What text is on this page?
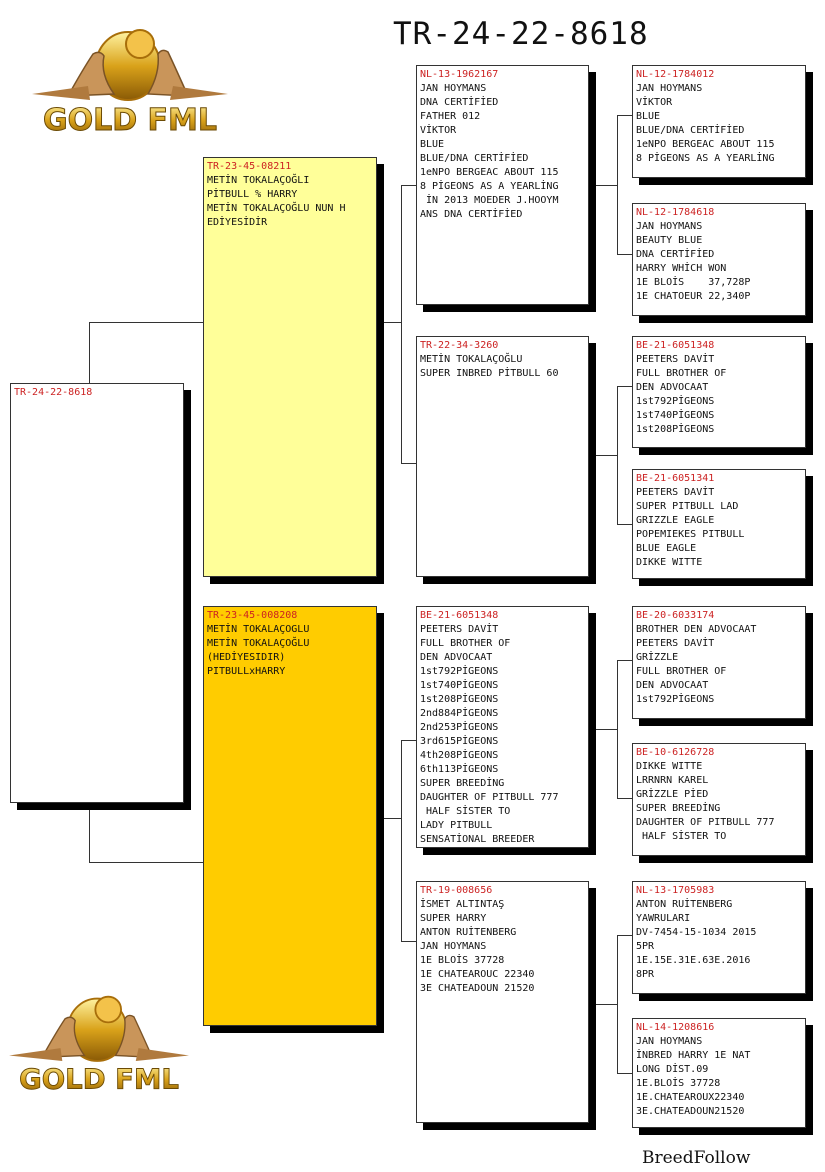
TR-24-22-8618
GOLD FML
GOLD FML
TR-24-22-8618
TR-23-45-08211
METİN TOKALAÇOĞLI
PİTBULL % HARRY
METİN TOKALAÇOĞLU NUN H
EDİYESİDİR
TR-23-45-008208
METİN TOKALAÇOGLU
METİN TOKALAÇOĞLU
(HEDİYESIDIR)
PITBULLxHARRY
NL-13-1962167
JAN HOYMANS
DNA CERTİFİED
FATHER 012
VİKTOR
BLUE
BLUE/DNA CERTİFİED
1eNPO BERGEAC ABOUT 115
8 PİGEONS AS A YEARLİNG
İN 2013 MOEDER J.HOOYM
ANS DNA CERTİFİED
TR-22-34-3260
METİN TOKALAÇOĞLU
SUPER INBRED PİTBULL 60
BE-21-6051348
PEETERS DAVİT
FULL BROTHER OF
DEN ADVOCAAT
1st792PİGEONS
1st740PİGEONS
1st208PİGEONS
2nd884PİGEONS
2nd253PİGEONS
3rd615PİGEONS
4th208PİGEONS
6th113PİGEONS
SUPER BREEDİNG
DAUGHTER OF PITBULL 777
HALF SİSTER TO
LADY PITBULL
SENSATİONAL BREEDER
TR-19-008656
İSMET ALTINTAŞ
SUPER HARRY
ANTON RUİTENBERG
JAN HOYMANS
1E BLOİS 37728
1E CHATEAROUC 22340
3E CHATEADOUN 21520
NL-12-1784012
JAN HOYMANS
VİKTOR
BLUE
BLUE/DNA CERTİFİED
1eNPO BERGEAC ABOUT 115
8 PİGEONS AS A YEARLİNG
NL-12-1784618
JAN HOYMANS
BEAUTY BLUE
DNA CERTİFİED
HARRY WHİCH WON
1E BLOİS    37,728P
1E CHATOEUR 22,340P
BE-21-6051348
PEETERS DAVİT
FULL BROTHER OF
DEN ADVOCAAT
1st792PİGEONS
1st740PİGEONS
1st208PİGEONS
BE-21-6051341
PEETERS DAVİT
SUPER PITBULL LAD
GRIZZLE EAGLE
POPEMIEKES PITBULL
BLUE EAGLE
DIKKE WITTE
BE-20-6033174
BROTHER DEN ADVOCAAT
PEETERS DAVİT
GRİZZLE
FULL BROTHER OF
DEN ADVOCAAT
1st792PİGEONS
BE-10-6126728
DIKKE WITTE
LRRNRN KAREL
GRİZZLE PİED
SUPER BREEDİNG
DAUGHTER OF PITBULL 777
HALF SİSTER TO
NL-13-1705983
ANTON RUİTENBERG
YAWRULARI
DV-7454-15-1034 2015
5PR
1E.15E.31E.63E.2016
8PR
NL-14-1208616
JAN HOYMANS
İNBRED HARRY 1E NAT
LONG DİST.09
1E.BLOİS 37728
1E.CHATEAROUX22340
3E.CHATEADOUN21520
BreedFollow
